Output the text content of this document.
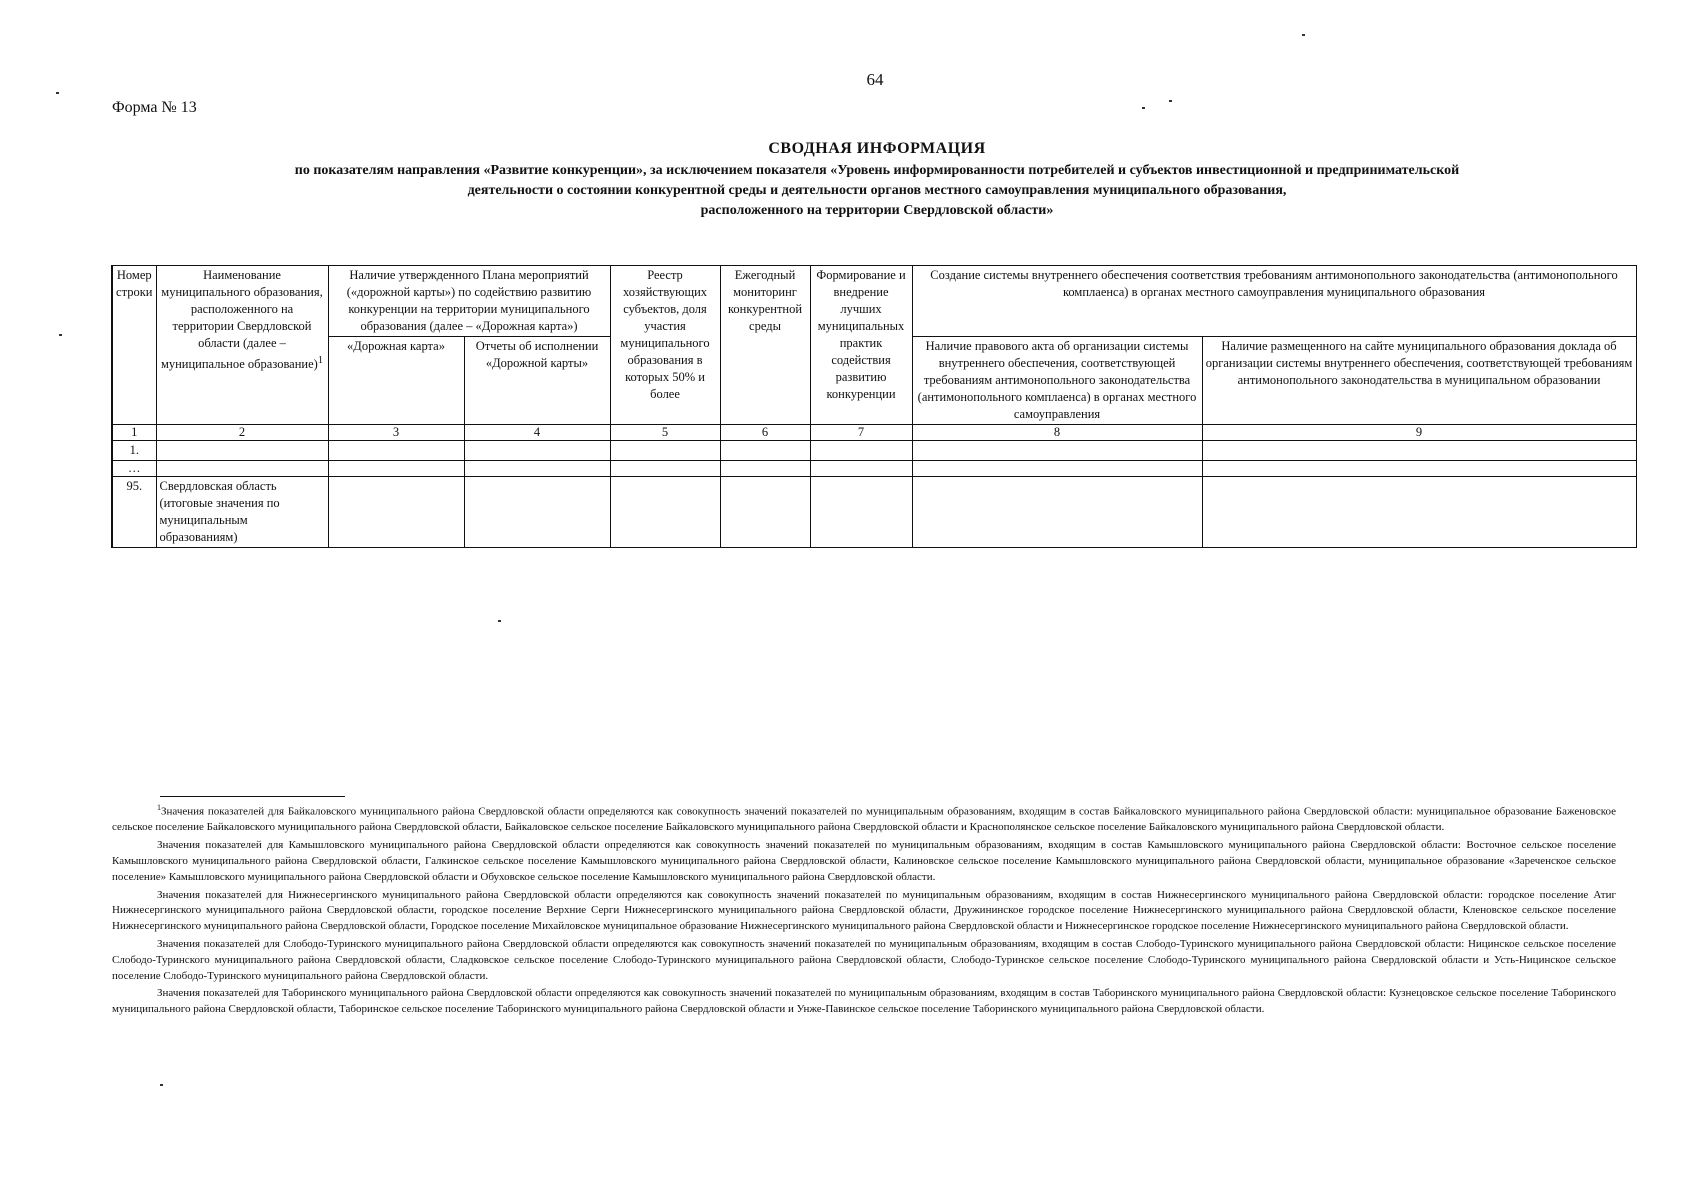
64
Форма № 13
СВОДНАЯ ИНФОРМАЦИЯ
по показателям направления «Развитие конкуренции», за исключением показателя «Уровень информированности потребителей и субъектов инвестиционной и предпринимательской
деятельности о состоянии конкурентной среды и деятельности органов местного самоуправления муниципального образования,
расположенного на территории Свердловской области»
Номер строки	Наименование муниципального образования, расположенного на территории Свердловской области (далее – муниципальное образование)$^1$	Наличие утвержденного Плана мероприятий («дорожной карты») по содействию развитию конкуренции на территории муниципального образования (далее – «Дорожная карта»)		Реестр хозяйствующих субъектов, доля участия муниципального образования в которых 50% и более	Ежегодный мониторинг конкурентной среды	Формирование и внедрение лучших муниципальных практик содействия развитию конкуренции	Создание системы внутреннего обеспечения соответствия требованиям антимонопольного законодательства (антимонопольного комплаенса) в органах местного самоуправления муниципального образования	
		«Дорожная карта»	Отчеты об исполнении «Дорожной карты»				Наличие правового акта об организации системы внутреннего обеспечения, соответствующей требованиям антимонопольного законодательства (антимонопольного комплаенса) в органах местного самоуправления	Наличие размещенного на сайте муниципального образования доклада об организации системы внутреннего обеспечения, соответствующей требованиям антимонопольного законодательства в муниципальном образовании
1	2	3	4	5	6	7	8	9
1.								
…								
95.	Свердловская область (итоговые значения по муниципальным образованиям)							

$^1$Значения показателей для Байкаловского муниципального района Свердловской области определяются как совокупность значений показателей по муниципальным образованиям, входящим в состав Байкаловского муниципального района Свердловской области: муниципальное образование Баженовское сельское поселение Байкаловского муниципального района Свердловской области, Байкаловское сельское поселение Байкаловского муниципального района Свердловской области и Краснополянское сельское поселение Байкаловского муниципального района Свердловской области.

Значения показателей для Камышловского муниципального района Свердловской области определяются как совокупность значений показателей по муниципальным образованиям, входящим в состав Камышловского муниципального района Свердловской области: Восточное сельское поселение Камышловского муниципального района Свердловской области, Галкинское сельское поселение Камышловского муниципального района Свердловской области, Калиновское сельское поселение Камышловского муниципального района Свердловской области, муниципальное образование «Зареченское сельское поселение» Камышловского муниципального района Свердловской области и Обуховское сельское поселение Камышловского муниципального района Свердловской области.

Значения показателей для Нижнесергинского муниципального района Свердловской области определяются как совокупность значений показателей по муниципальным образованиям, входящим в состав Нижнесергинского муниципального района Свердловской области: городское поселение Атиг Нижнесергинского муниципального района Свердловской области, городское поселение Верхние Серги Нижнесергинского муниципального района Свердловской области, Дружининское городское поселение Нижнесергинского муниципального района Свердловской области, Кленовское сельское поселение Нижнесергинского муниципального района Свердловской области, Городское поселение Михайловское муниципальное образование Нижнесергинского муниципального района Свердловской области и Нижнесергинское городское поселение Нижнесергинского муниципального района Свердловской области.

Значения показателей для Слободо-Туринского муниципального района Свердловской области определяются как совокупность значений показателей по муниципальным образованиям, входящим в состав Слободо-Туринского муниципального района Свердловской области: Ницинское сельское поселение Слободо-Туринского муниципального района Свердловской области, Сладковское сельское поселение Слободо-Туринского муниципального района Свердловской области, Слободо-Туринское сельское поселение Слободо-Туринского муниципального района Свердловской области и Усть-Ницинское сельское поселение Слободо-Туринского муниципального района Свердловской области.

Значения показателей для Таборинского муниципального района Свердловской области определяются как совокупность значений показателей по муниципальным образованиям, входящим в состав Таборинского муниципального района Свердловской области: Кузнецовское сельское поселение Таборинского муниципального района Свердловской области, Таборинское сельское поселение Таборинского муниципального района Свердловской области и Унже-Павинское сельское поселение Таборинского муниципального района Свердловской области.
